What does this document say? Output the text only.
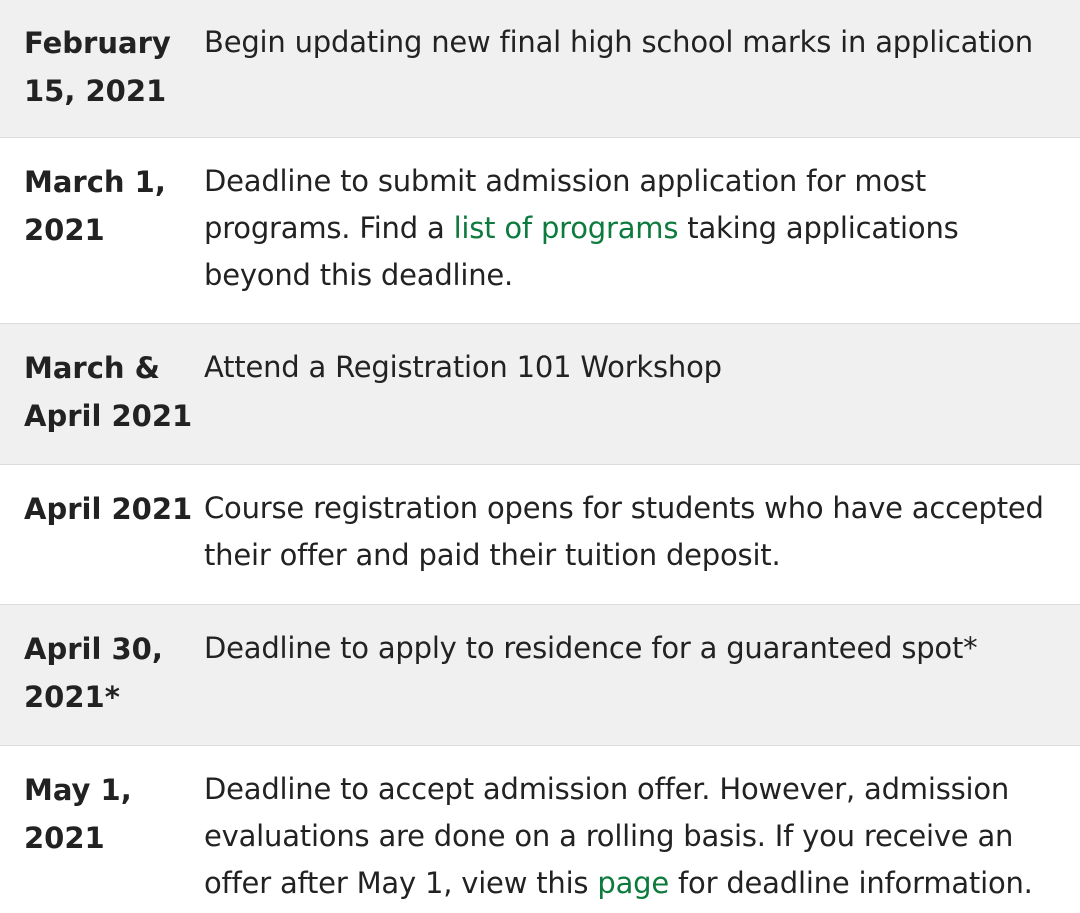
February 15, 2021
Begin updating new final high school marks in application
March 1, 2021
Deadline to submit admission application for most programs. Find a list of programs taking applications beyond this deadline.
March & April 2021
Attend a Registration 101 Workshop
April 2021 Course registration opens for students who have accepted their offer and paid their tuition deposit.
April 30, 2021*
Deadline to apply to residence for a guaranteed spot*
May 1, 2021
Deadline to accept admission offer. However, admission evaluations are done on a rolling basis. If you receive an offer after May 1, view this page for deadline information.
